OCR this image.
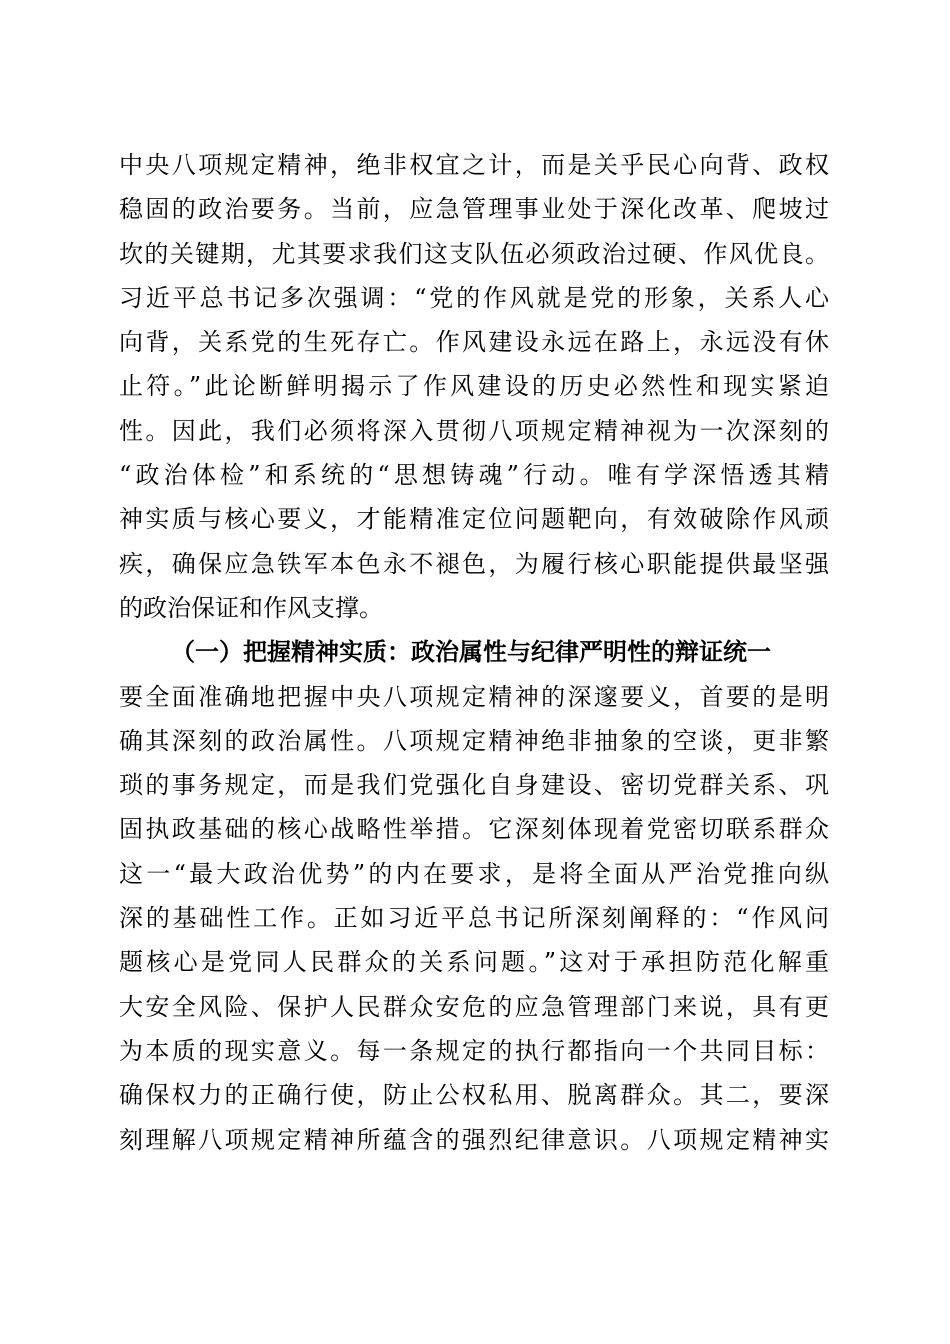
中央八项规定精神，绝非权宜之计，而是关乎民心向背、政权
稳固的政治要务。当前，应急管理事业处于深化改革、爬坡过
坎的关键期，尤其要求我们这支队伍必须政治过硬、作风优良。
习近平总书记多次强调：“党的作风就是党的形象，关系人心
向背，关系党的生死存亡。作风建设永远在路上，永远没有休
止符。”此论断鲜明揭示了作风建设的历史必然性和现实紧迫
性。因此，我们必须将深入贯彻八项规定精神视为一次深刻的
“政治体检”和系统的“思想铸魂”行动。唯有学深悟透其精
神实质与核心要义，才能精准定位问题靶向，有效破除作风顽
疾，确保应急铁军本色永不褪色，为履行核心职能提供最坚强
的政治保证和作风支撑。
（一）把握精神实质：政治属性与纪律严明性的辩证统一
要全面准确地把握中央八项规定精神的深邃要义，首要的是明
确其深刻的政治属性。八项规定精神绝非抽象的空谈，更非繁
琐的事务规定，而是我们党强化自身建设、密切党群关系、巩
固执政基础的核心战略性举措。它深刻体现着党密切联系群众
这一“最大政治优势”的内在要求，是将全面从严治党推向纵
深的基础性工作。正如习近平总书记所深刻阐释的：“作风问
题核心是党同人民群众的关系问题。”这对于承担防范化解重
大安全风险、保护人民群众安危的应急管理部门来说，具有更
为本质的现实意义。每一条规定的执行都指向一个共同目标：
确保权力的正确行使，防止公权私用、脱离群众。其二，要深
刻理解八项规定精神所蕴含的强烈纪律意识。八项规定精神实
